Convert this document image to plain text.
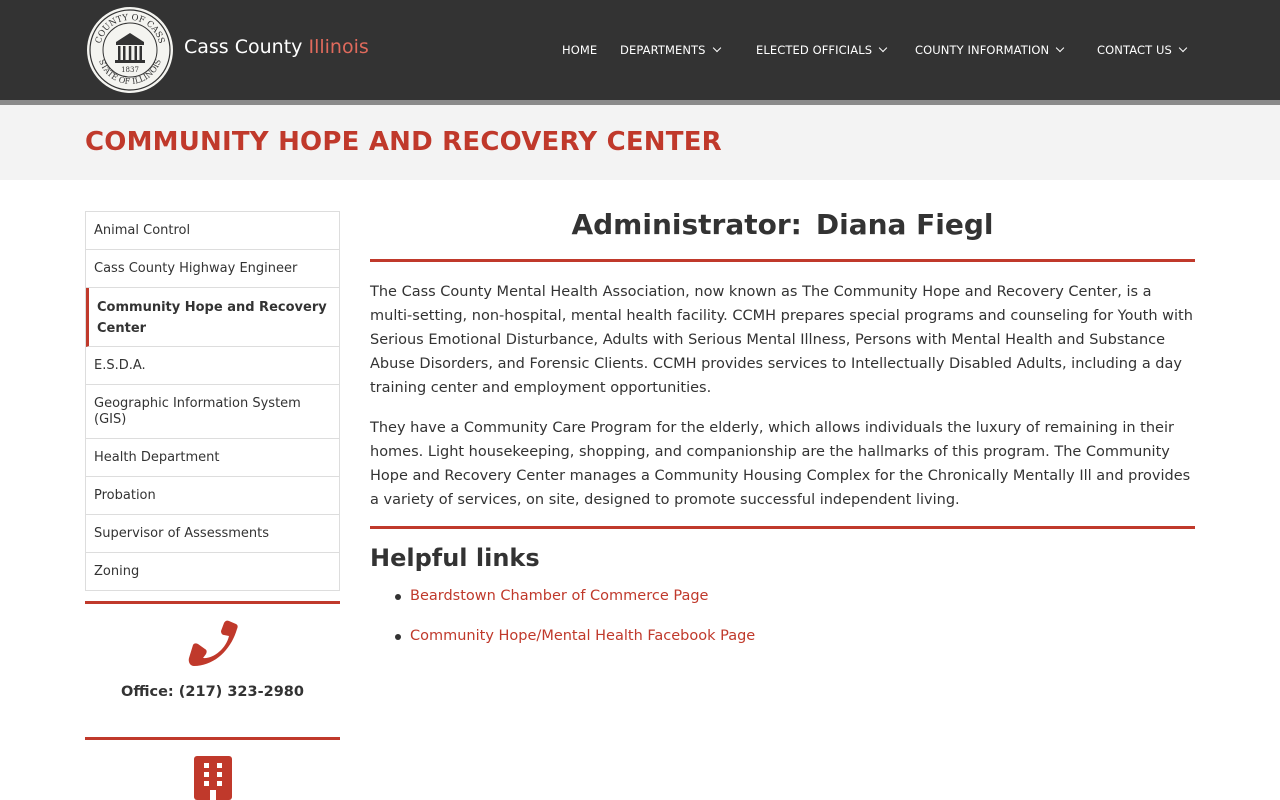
COUNTY OF CASS
STATE OF ILLINOIS
1837
Cass County Illinois	HOME DEPARTMENTS	ELECTED OFFICIALS	COUNTY INFORMATION	CONTACT US
COMMUNITY HOPE AND RECOVERY CENTER
Animal Control
Cass County Highway Engineer
Community Hope and Recovery Center
E.S.D.A.
Geographic Information System (GIS)
Health Department
Probation
Supervisor of Assessments
Zoning
Office: (217) 323-2980
Administrator: Diana Fiegl

The Cass County Mental Health Association, now known as The Community Hope and Recovery Center, is a multi-setting, non-hospital, mental health facility. CCMH prepares special programs and counseling for Youth with Serious Emotional Disturbance, Adults with Serious Mental Illness, Persons with Mental Health and Substance Abuse Disorders, and Forensic Clients. CCMH provides services to Intellectually Disabled Adults, including a day training center and employment opportunities.

They have a Community Care Program for the elderly, which allows individuals the luxury of remaining in their homes. Light housekeeping, shopping, and companionship are the hallmarks of this program. The Community Hope and Recovery Center manages a Community Housing Complex for the Chronically Mentally Ill and provides a variety of services, on site, designed to promote successful independent living.

Helpful links
Beardstown Chamber of Commerce Page
Community Hope/Mental Health Facebook Page
